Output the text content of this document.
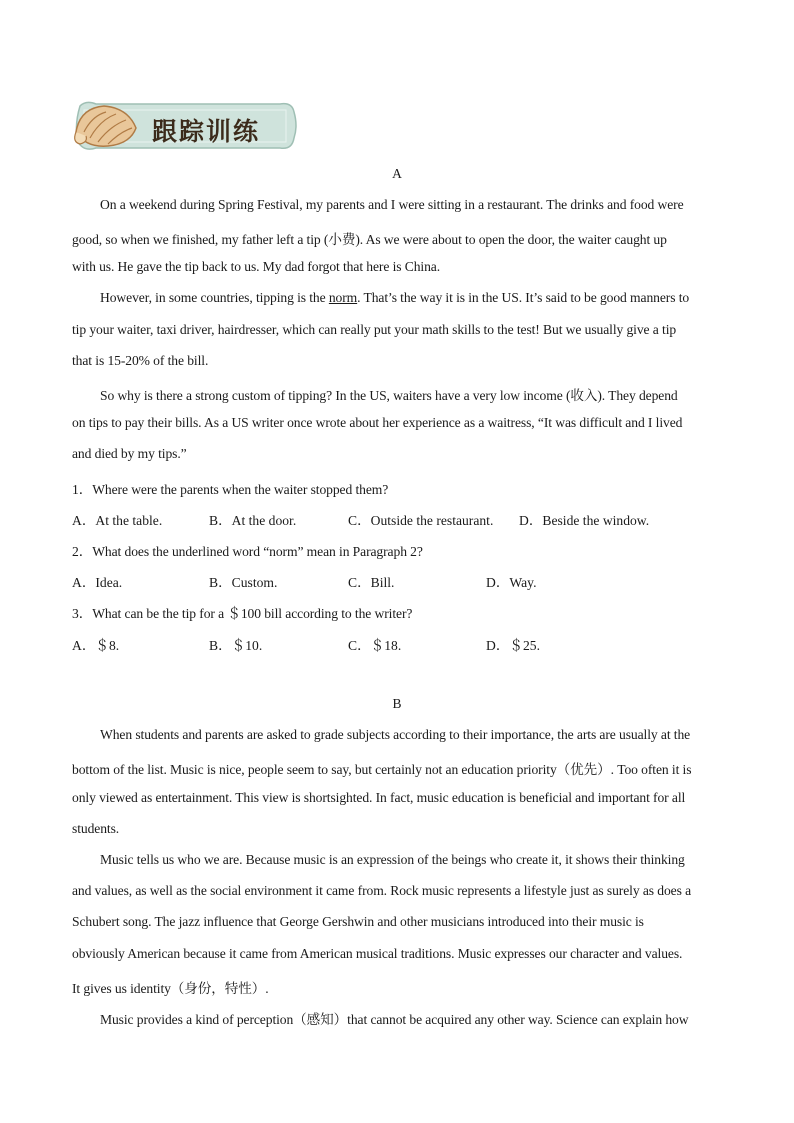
跟踪训练
A
On a weekend during Spring Festival, my parents and I were sitting in a restaurant. The drinks and food were
good, so when we finished, my father left a tip (小费). As we were about to open the door, the waiter caught up
with us. He gave the tip back to us. My dad forgot that here is China.
However, in some countries, tipping is the norm. That’s the way it is in the US. It’s said to be good manners to
tip your waiter, taxi driver, hairdresser, which can really put your math skills to the test! But we usually give a tip
that is 15-20% of the bill.
So why is there a strong custom of tipping? In the US, waiters have a very low income (收入). They depend
on tips to pay their bills. As a US writer once wrote about her experience as a waitress, “It was difficult and I lived
and died by my tips.”
1．Where were the parents when the waiter stopped them?
A．At the table.	B．At the door.	C．Outside the restaurant. D．Beside the window.
2．What does the underlined word “norm” mean in Paragraph 2?
A．Idea.	B．Custom.	C．Bill.	D．Way.
3．What can be the tip for a ＄100 bill according to the writer?
A．＄8.	B．＄10.	C．＄18.	D．＄25.
B
When students and parents are asked to grade subjects according to their importance, the arts are usually at the
bottom of the list. Music is nice, people seem to say, but certainly not an education priority（优先）. Too often it is
only viewed as entertainment. This view is shortsighted. In fact, music education is beneficial and important for all
students.
Music tells us who we are. Because music is an expression of the beings who create it, it shows their thinking
and values, as well as the social environment it came from. Rock music represents a lifestyle just as surely as does a
Schubert song. The jazz influence that George Gershwin and other musicians introduced into their music is
obviously American because it came from American musical traditions. Music expresses our character and values.
It gives us identity（身份，特性）.
Music provides a kind of perception（感知）that cannot be acquired any other way. Science can explain how
